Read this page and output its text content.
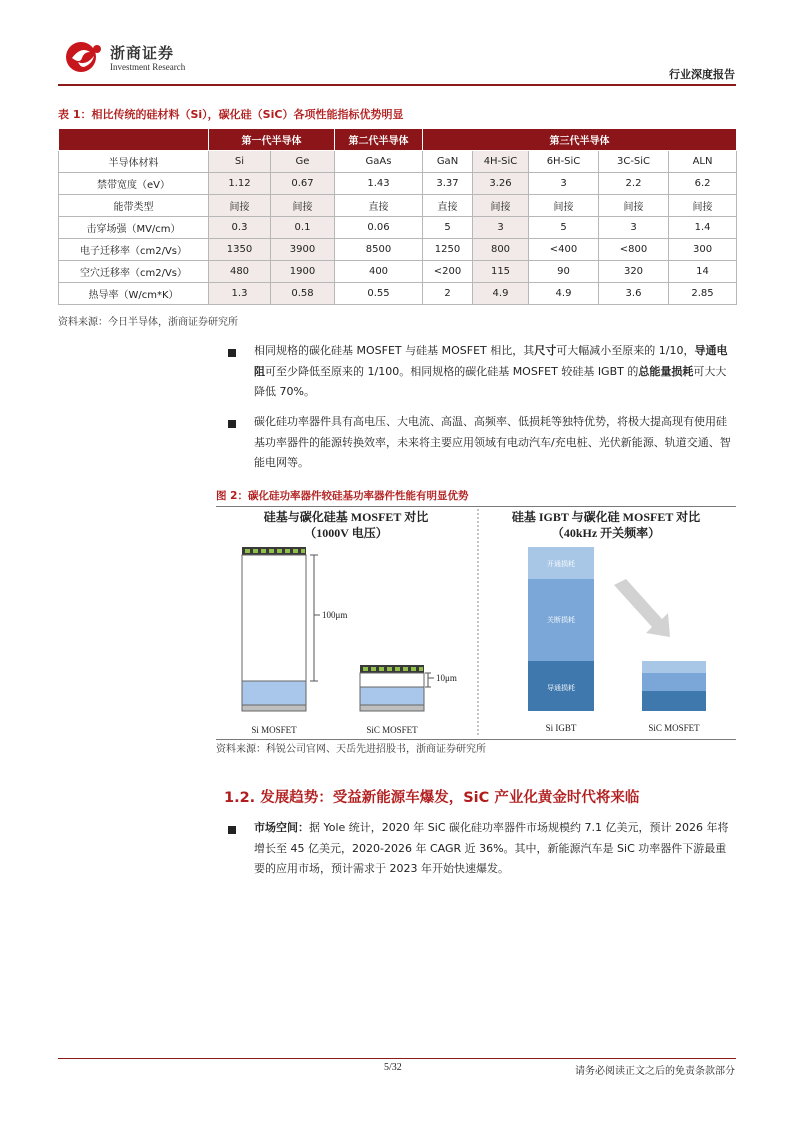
浙商证券
Investment Research
行业深度报告
表 1：相比传统的硅材料（Si），碳化硅（SiC）各项性能指标优势明显
	第一代半导体		第二代半导体	第三代半导体				
半导体材料	Si	Ge	GaAs	GaN	4H-SiC	6H-SiC	3C-SiC	ALN
禁带宽度（eV）	1.12	0.67	1.43	3.37	3.26	3	2.2	6.2
能带类型	间接	间接	直接	直接	间接	间接	间接	间接
击穿场强（MV/cm）	0.3	0.1	0.06	5	3	5	3	1.4
电子迁移率（cm2/Vs）	1350	3900	8500	1250	800	<400	<800	300
空穴迁移率（cm2/Vs）	480	1900	400	<200	115	90	320	14
热导率（W/cm*K）	1.3	0.58	0.55	2	4.9	4.9	3.6	2.85
资料来源：今日半导体，浙商证券研究所
相同规格的碳化硅基 MOSFET 与硅基 MOSFET 相比，其尺寸可大幅减小至原来的 1/10，导通电阻可至少降低至原来的 1/100。相同规格的碳化硅基 MOSFET 较硅基 IGBT 的总能量损耗可大大降低 70%。
碳化硅功率器件具有高电压、大电流、高温、高频率、低损耗等独特优势，将极大提高现有使用硅基功率器件的能源转换效率，未来将主要应用领域有电动汽车/充电桩、光伏新能源、轨道交通、智能电网等。
图 2：碳化硅功率器件较硅基功率器件性能有明显优势
硅基与碳化硅基 MOSFET 对比
（1000V 电压）
100μm
10μm
Si MOSFET	SiC MOSFET
硅基 IGBT 与碳化硅 MOSFET 对比
（40kHz 开关频率）
开通损耗
关断损耗
导通损耗
Si IGBT	SiC MOSFET
资料来源：科锐公司官网、天岳先进招股书，浙商证券研究所
1.2. 发展趋势：受益新能源车爆发，SiC 产业化黄金时代将来临
市场空间：据 Yole 统计，2020 年 SiC 碳化硅功率器件市场规模约 7.1 亿美元，预计 2026 年将增长至 45 亿美元，2020-2026 年 CAGR 近 36%。其中，新能源汽车是 SiC 功率器件下游最重要的应用市场，预计需求于 2023 年开始快速爆发。
5/32	请务必阅读正文之后的免责条款部分
